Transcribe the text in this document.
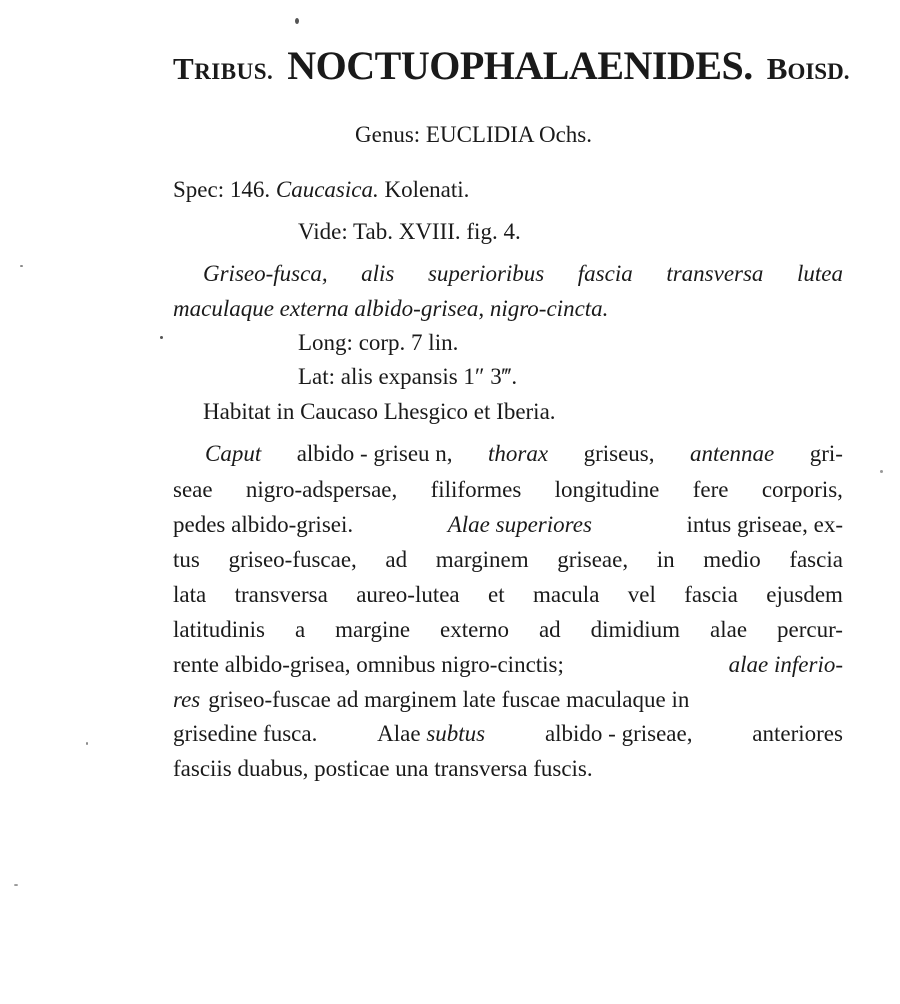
TRIBUS. NOCTUOPHALAENIDES. BOISD.
Genus: EUCLIDIA Ochs.
Spec: 146. Caucasica. Kolenati.
Vide: Tab. XVIII. fig. 4.
Griseo-fusca, alis superioribus fascia transversa lutea
maculaque externa albido-grisea, nigro-cincta.
Long: corp. 7 lin.
Lat: alis expansis 1″ 3‴.
Habitat in Caucaso Lhesgico et Iberia.
Caput albido - griseu n, thorax griseus, antennae gri-
seae nigro-adspersae, filiformes longitudine fere corporis,
pedes albido-grisei.	Alae superiores	intus griseae, ex-
tus griseo-fuscae, ad marginem griseae, in medio fascia
lata transversa aureo-lutea et macula vel fascia ejusdem
latitudinis a margine externo ad dimidium alae percur-
rente albido-grisea, omnibus nigro-cinctis;	alae inferio-
res griseo-fuscae ad marginem late fuscae maculaque in
grisedine fusca.	Alae subtus	albido - griseae,	anteriores
fasciis duabus, posticae una transversa fuscis.
